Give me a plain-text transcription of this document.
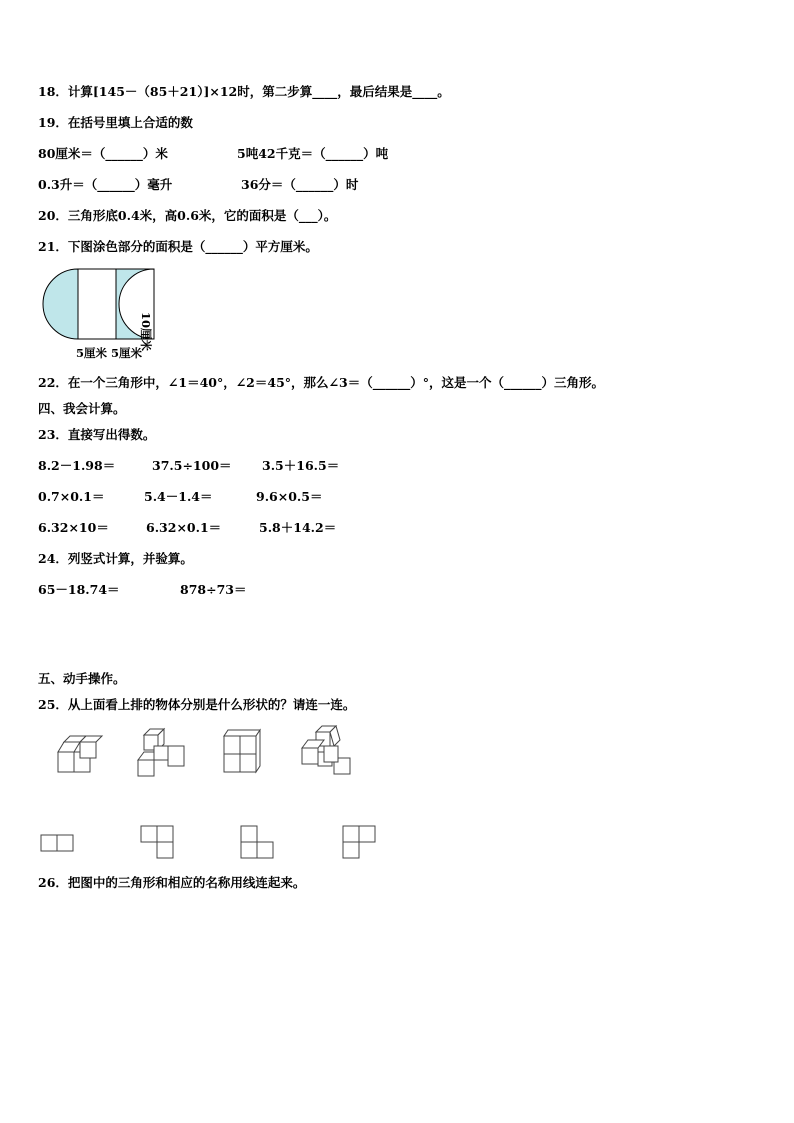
18．计算[145－（85＋21）]×12时，第二步算____，最后结果是____。
19．在括号里填上合适的数
80厘米＝（______）米	5吨42千克＝（______）吨
0.3升＝（______）毫升	36分＝（______）时
20．三角形底0.4米，高0.6米，它的面积是（___）。
21．下图涂色部分的面积是（______）平方厘米。
10厘米
5厘米 5厘米
22．在一个三角形中，∠1＝40°，∠2＝45°，那么∠3＝（______）°，这是一个（______）三角形。
四、我会计算。
23．直接写出得数。
8.2－1.98＝	37.5÷100＝ 3.5＋16.5＝
0.7×0.1＝	5.4－1.4＝	9.6×0.5＝
6.32×10＝	6.32×0.1＝	5.8＋14.2＝
24．列竖式计算，并验算。
65－18.74＝	878÷73＝
五、动手操作。
25．从上面看上排的物体分别是什么形状的？请连一连。
26．把图中的三角形和相应的名称用线连起来。
